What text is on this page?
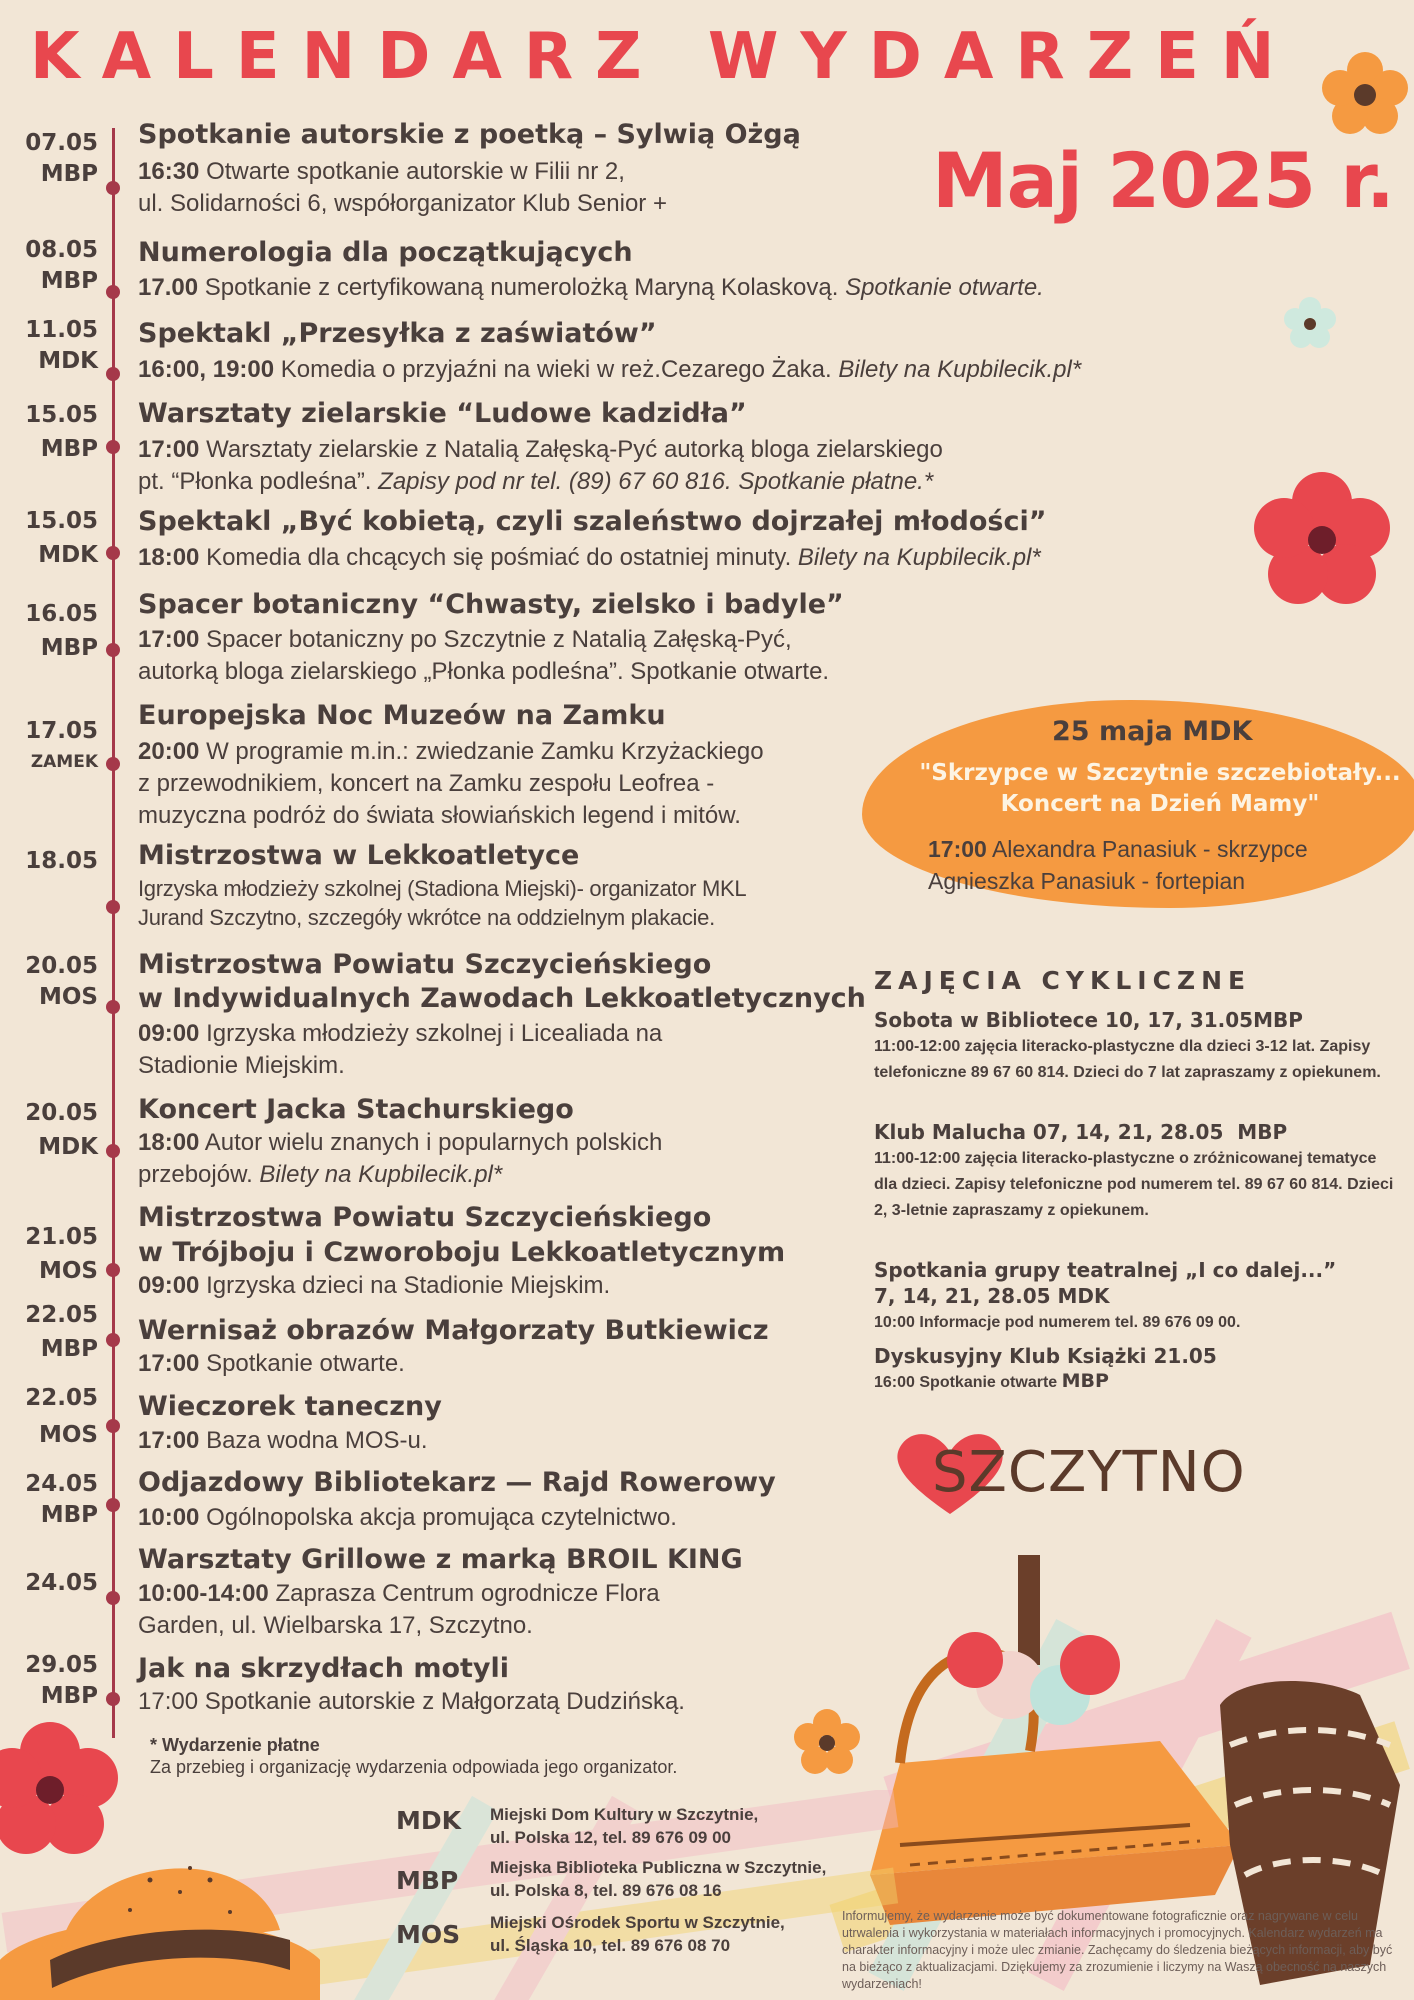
KALENDARZ WYDARZEŃ
Maj 2025 r.
07.05
MBP
Spotkanie autorskie z poetką – Sylwią Ożgą
16:30 Otwarte spotkanie autorskie w Filii nr 2,
ul. Solidarności 6, współorganizator Klub Senior +
08.05
MBP
Numerologia dla początkujących
17.00 Spotkanie z certyfikowaną numerolożką Maryną Kolaskovą. Spotkanie otwarte.
11.05
MDK
Spektakl „Przesyłka z zaświatów”
16:00, 19:00 Komedia o przyjaźni na wieki w reż.Cezarego Żaka. Bilety na Kupbilecik.pl*
15.05
MBP
Warsztaty zielarskie “Ludowe kadzidła”
17:00 Warsztaty zielarskie z Natalią Załęską-Pyć autorką bloga zielarskiego
pt. “Płonka podleśna”. Zapisy pod nr tel. (89) 67 60 816. Spotkanie płatne.*
15.05
MDK
Spektakl „Być kobietą, czyli szaleństwo dojrzałej młodości”
18:00 Komedia dla chcących się pośmiać do ostatniej minuty. Bilety na Kupbilecik.pl*
16.05
MBP
Spacer botaniczny “Chwasty, zielsko i badyle”
17:00 Spacer botaniczny po Szczytnie z Natalią Załęską-Pyć,
autorką bloga zielarskiego „Płonka podleśna”. Spotkanie otwarte.
17.05
ZAMEK
Europejska Noc Muzeów na Zamku
20:00 W programie m.in.: zwiedzanie Zamku Krzyżackiego
z przewodnikiem, koncert na Zamku zespołu Leofrea -
muzyczna podróż do świata słowiańskich legend i mitów.
18.05 Mistrzostwa w Lekkoatletyce
Igrzyska młodzieży szkolnej (Stadiona Miejski)- organizator MKL
Jurand Szczytno, szczegóły wkrótce na oddzielnym plakacie.
20.05
MOS
Mistrzostwa Powiatu Szczycieńskiego
w Indywidualnych Zawodach Lekkoatletycznych
09:00 Igrzyska młodzieży szkolnej i Licealiada na
Stadionie Miejskim.
20.05
MDK
Koncert Jacka Stachurskiego
18:00 Autor wielu znanych i popularnych polskich
przebojów. Bilety na Kupbilecik.pl*
21.05
MOS
Mistrzostwa Powiatu Szczycieńskiego
w Trójboju i Czworoboju Lekkoatletycznym
09:00 Igrzyska dzieci na Stadionie Miejskim.
22.05
MBP
Wernisaż obrazów Małgorzaty Butkiewicz
17:00 Spotkanie otwarte.
22.05
MOS
Wieczorek taneczny
17:00 Baza wodna MOS-u.
24.05
MBP
Odjazdowy Bibliotekarz — Rajd Rowerowy
10:00 Ogólnopolska akcja promująca czytelnictwo.
24.05
Warsztaty Grillowe z marką BROIL KING
10:00-14:00 Zaprasza Centrum ogrodnicze Flora
Garden, ul. Wielbarska 17, Szczytno.
29.05
MBP
Jak na skrzydłach motyli
17:00 Spotkanie autorskie z Małgorzatą Dudzińską.
25 maja MDK
"Skrzypce w Szczytnie szczebiotały...
Koncert na Dzień Mamy"
17:00 Alexandra Panasiuk - skrzypce
Agnieszka Panasiuk - fortepian
ZAJĘCIA CYKLICZNE
Sobota w Bibliotece 10, 17, 31.05MBP
11:00-12:00 zajęcia literacko-plastyczne dla dzieci 3-12 lat. Zapisy telefoniczne 89 67 60 814. Dzieci do 7 lat zapraszamy z opiekunem.
Klub Malucha 07, 14, 21, 28.05 MBP
11:00-12:00 zajęcia literacko-plastyczne o zróżnicowanej tematyce dla dzieci. Zapisy telefoniczne pod numerem tel. 89 67 60 814. Dzieci 2, 3-letnie zapraszamy z opiekunem.
Spotkania grupy teatralnej „I co dalej...”
7, 14, 21, 28.05 MDK
10:00 Informacje pod numerem tel. 89 676 09 00.
Dyskusyjny Klub Książki 21.05
16:00 Spotkanie otwarte MBP
SZCZYTNO
* Wydarzenie płatne
Za przebieg i organizację wydarzenia odpowiada jego organizator.
MDK Miejski Dom Kultury w Szczytnie,
ul. Polska 12, tel. 89 676 09 00
MBP Miejska Biblioteka Publiczna w Szczytnie,
ul. Polska 8, tel. 89 676 08 16
MOS Miejski Ośrodek Sportu w Szczytnie,
ul. Śląska 10, tel. 89 676 08 70
Informujemy, że wydarzenie może być dokumentowane fotograficznie oraz nagrywane w celu utrwalenia i wykorzystania w materiałach informacyjnych i promocyjnych. Kalendarz wydarzeń ma charakter informacyjny i może ulec zmianie. Zachęcamy do śledzenia bieżących informacji, aby być na bieżąco z aktualizacjami. Dziękujemy za zrozumienie i liczymy na Waszą obecność na naszych wydarzeniach!
